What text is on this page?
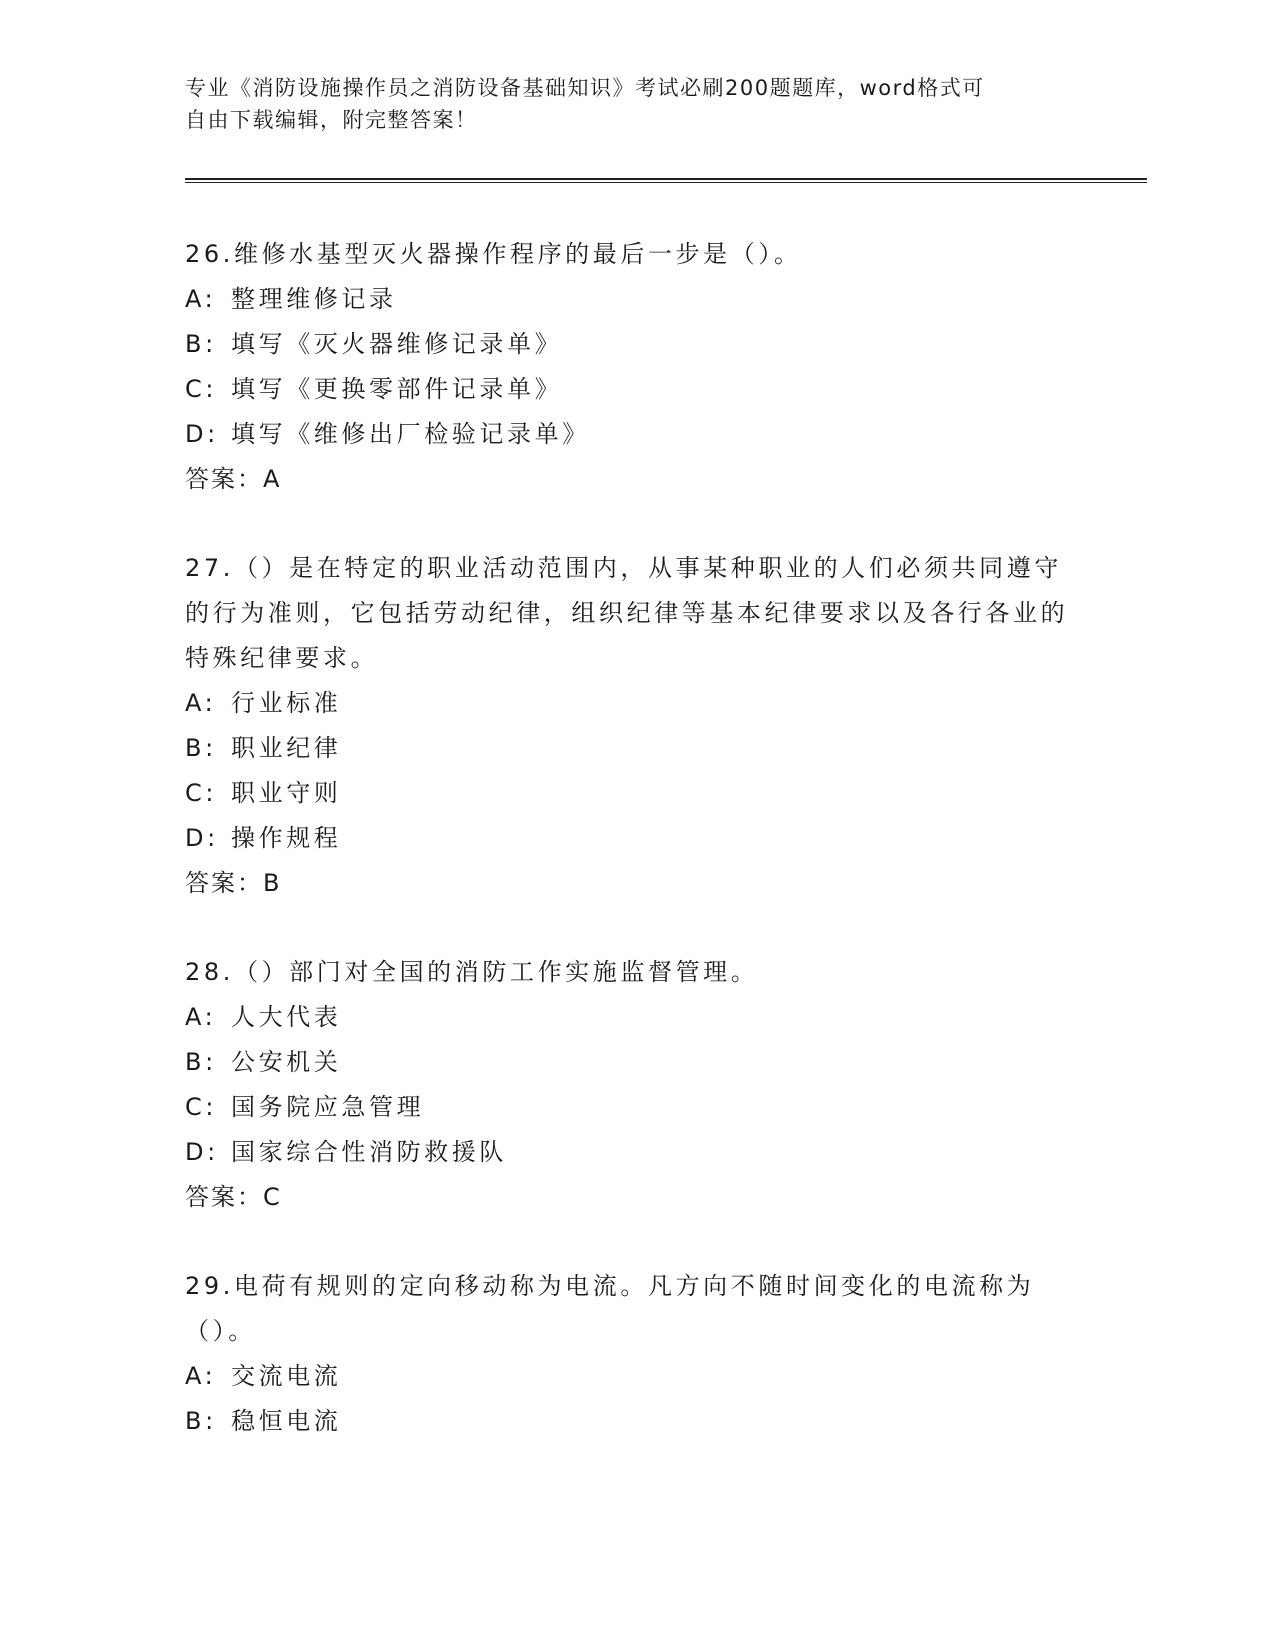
专业《消防设施操作员之消防设备基础知识》考试必刷200题题库，word格式可
自由下载编辑，附完整答案！

26.维修水基型灭火器操作程序的最后一步是（）。

A: 整理维修记录
B: 填写《灭火器维修记录单》
C: 填写《更换零部件记录单》
D: 填写《维修出厂检验记录单》
答案：A

27.（）是在特定的职业活动范围内，从事某种职业的人们必须共同遵守的行为准则，它包括劳动纪律，组织纪律等基本纪律要求以及各行各业的特殊纪律要求。

A: 行业标准
B: 职业纪律
C: 职业守则
D: 操作规程
答案：B

28.（）部门对全国的消防工作实施监督管理。

A: 人大代表
B: 公安机关
C: 国务院应急管理
D: 国家综合性消防救援队
答案：C

29.电荷有规则的定向移动称为电流。凡方向不随时间变化的电流称为（）。

A: 交流电流
B: 稳恒电流
